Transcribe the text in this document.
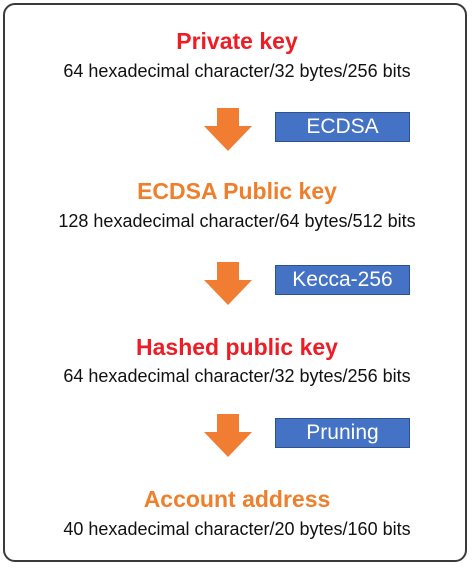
Private key
64 hexadecimal character/32 bytes/256 bits
ECDSA
ECDSA Public key
128 hexadecimal character/64 bytes/512 bits
Kecca-256
Hashed public key
64 hexadecimal character/32 bytes/256 bits
Pruning
Account address
40 hexadecimal character/20 bytes/160 bits
